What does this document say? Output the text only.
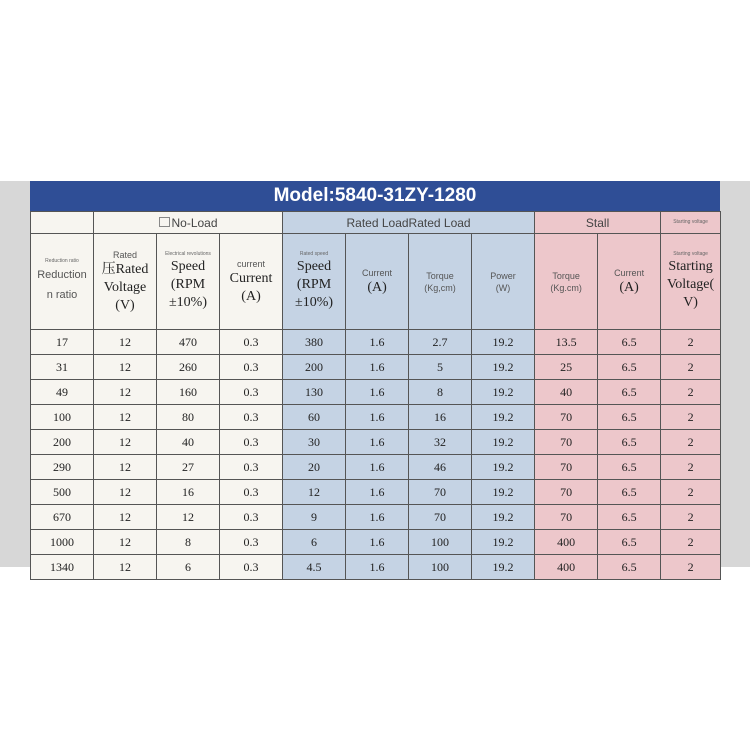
Model:5840-31ZY-1280
	No-Load			Rated LoadRated Load				Stall		Starting voltage

Reduction ratio
Reduction
n ratio	Rated
压Rated
Voltage
(V)	Electrical revolutions
Speed
(RPM
±10%)	current
Current
(A)	Rated speed
Speed
(RPM
±10%)	Current
(A)	Torque
(Kg,cm)	Power
(W)	Torque
(Kg.cm)	Current
(A)	Starting voltage
Starting
Voltage(
V)

17	12	470	0.3	380	1.6	2.7	19.2	13.5	6.5	2
31	12	260	0.3	200	1.6	5	19.2	25	6.5	2
49	12	160	0.3	130	1.6	8	19.2	40	6.5	2
100	12	80	0.3	60	1.6	16	19.2	70	6.5	2
200	12	40	0.3	30	1.6	32	19.2	70	6.5	2
290	12	27	0.3	20	1.6	46	19.2	70	6.5	2
500	12	16	0.3	12	1.6	70	19.2	70	6.5	2
670	12	12	0.3	9	1.6	70	19.2	70	6.5	2
1000	12	8	0.3	6	1.6	100	19.2	400	6.5	2
1340	12	6	0.3	4.5	1.6	100	19.2	400	6.5	2
